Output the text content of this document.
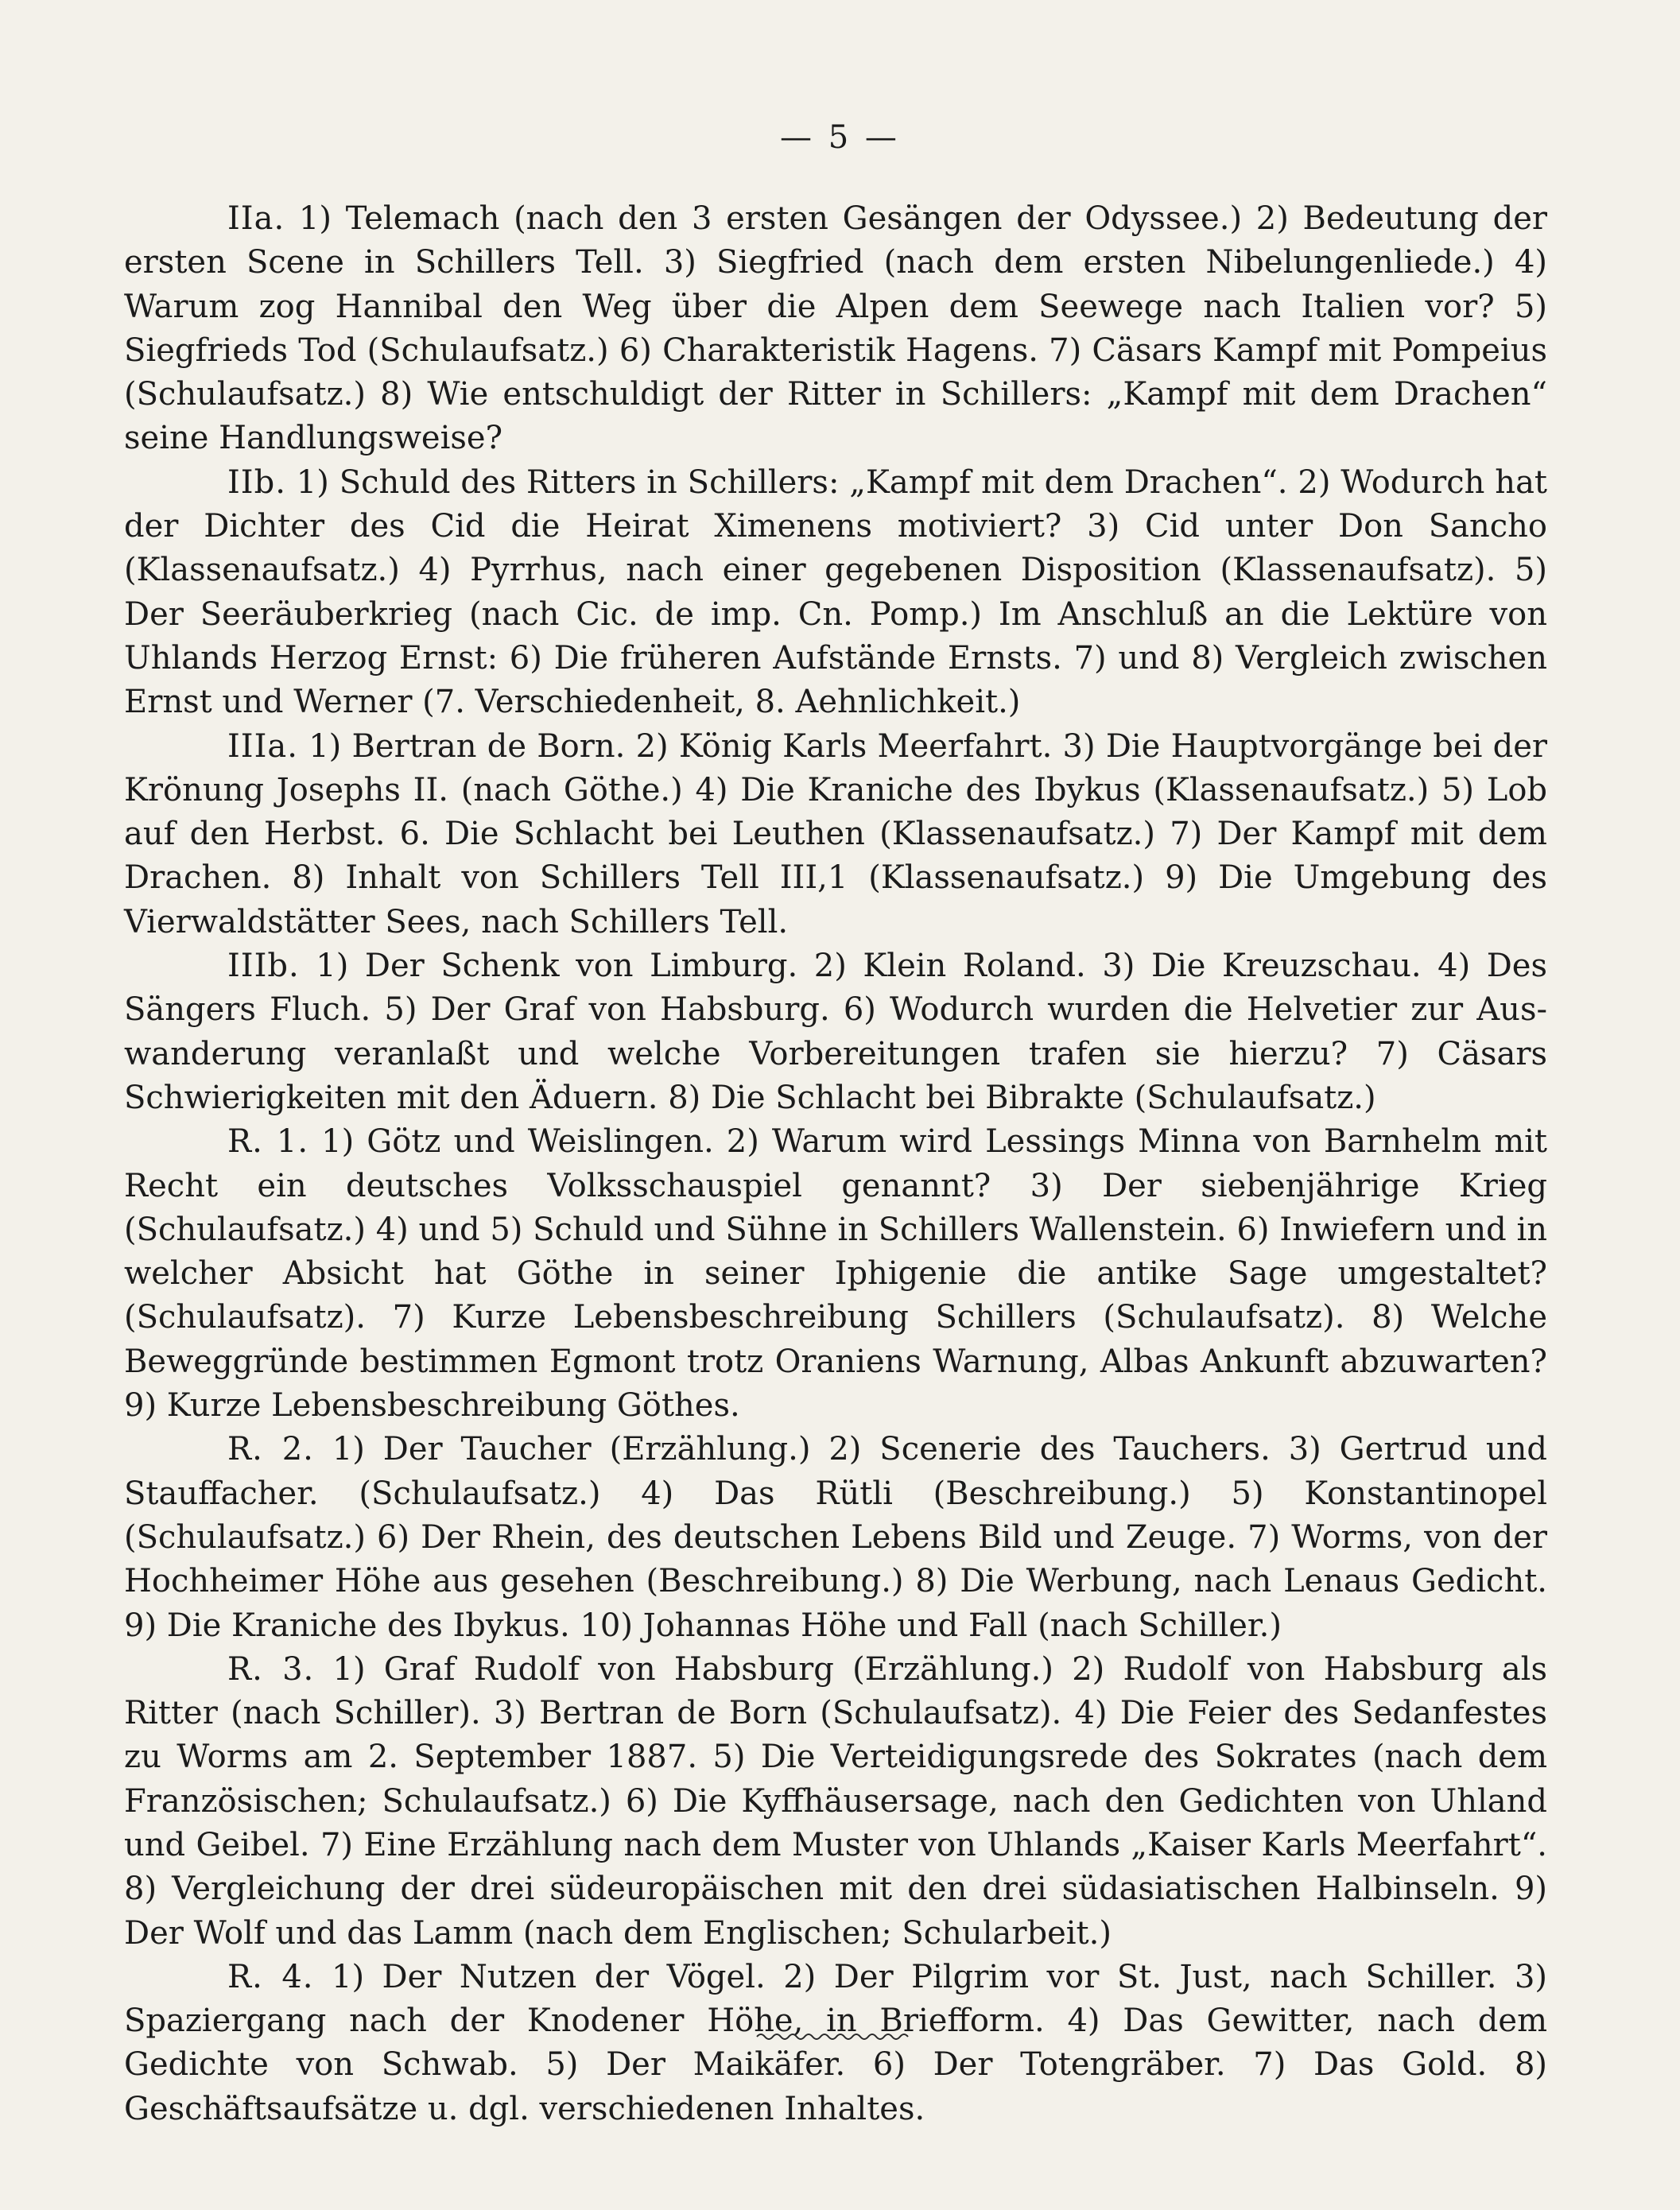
— 5 —

IIa. 1) Telemach (nach den 3 ersten Gesängen der Odyssee.) 2) Bedeutung der ersten Scene in Schillers Tell. 3) Siegfried (nach dem ersten Nibelungenliede.) 4) Warum zog Hannibal den Weg über die Alpen dem Seewege nach Italien vor? 5) Siegfrieds Tod (Schulaufsatz.) 6) Charakteristik Hagens. 7) Cäsars Kampf mit Pompeius (Schulaufsatz.) 8) Wie entschuldigt der Ritter in Schillers: „Kampf mit dem Drachen“ seine Handlungsweise?

IIb. 1) Schuld des Ritters in Schillers: „Kampf mit dem Drachen“. 2) Wodurch hat der Dichter des Cid die Heirat Ximenens motiviert? 3) Cid unter Don Sancho (Klassenaufsatz.) 4) Pyrrhus, nach einer gegebenen Disposition (Klassenaufsatz). 5) Der Seeräuberkrieg (nach Cic. de imp. Cn. Pomp.) Im Anschluß an die Lektüre von Uhlands Herzog Ernst: 6) Die früheren Aufstände Ernsts. 7) und 8) Vergleich zwischen Ernst und Werner (7. Verschiedenheit, 8. Aehnlichkeit.)

IIIa. 1) Bertran de Born. 2) König Karls Meerfahrt. 3) Die Hauptvorgänge bei der Krönung Josephs II. (nach Göthe.) 4) Die Kraniche des Ibykus (Klassenaufsatz.) 5) Lob auf den Herbst. 6. Die Schlacht bei Leuthen (Klassenaufsatz.) 7) Der Kampf mit dem Drachen. 8) Inhalt von Schillers Tell III,1 (Klassenaufsatz.) 9) Die Umgebung des Vierwaldstätter Sees, nach Schillers Tell.

IIIb. 1) Der Schenk von Limburg. 2) Klein Roland. 3) Die Kreuzschau. 4) Des Sängers Fluch. 5) Der Graf von Habsburg. 6) Wodurch wurden die Helvetier zur Auswanderung veranlaßt und welche Vorbereitungen trafen sie hierzu? 7) Cäsars Schwierigkeiten mit den Äduern. 8) Die Schlacht bei Bibrakte (Schulaufsatz.)

R. 1. 1) Götz und Weislingen. 2) Warum wird Lessings Minna von Barnhelm mit Recht ein deutsches Volksschauspiel genannt? 3) Der siebenjährige Krieg (Schulaufsatz.) 4) und 5) Schuld und Sühne in Schillers Wallenstein. 6) Inwiefern und in welcher Absicht hat Göthe in seiner Iphigenie die antike Sage umgestaltet? (Schulaufsatz). 7) Kurze Lebensbeschreibung Schillers (Schulaufsatz). 8) Welche Beweggründe bestimmen Egmont trotz Oraniens Warnung, Albas Ankunft abzuwarten? 9) Kurze Lebensbeschreibung Göthes.

R. 2. 1) Der Taucher (Erzählung.) 2) Scenerie des Tauchers. 3) Gertrud und Stauffacher. (Schulaufsatz.) 4) Das Rütli (Beschreibung.) 5) Konstantinopel (Schulaufsatz.) 6) Der Rhein, des deutschen Lebens Bild und Zeuge. 7) Worms, von der Hochheimer Höhe aus gesehen (Beschreibung.) 8) Die Werbung, nach Lenaus Gedicht. 9) Die Kraniche des Ibykus. 10) Johannas Höhe und Fall (nach Schiller.)

R. 3. 1) Graf Rudolf von Habsburg (Erzählung.) 2) Rudolf von Habsburg als Ritter (nach Schiller). 3) Bertran de Born (Schulaufsatz). 4) Die Feier des Sedanfestes zu Worms am 2. September 1887. 5) Die Verteidigungsrede des Sokrates (nach dem Französischen; Schulaufsatz.) 6) Die Kyffhäusersage, nach den Gedichten von Uhland und Geibel. 7) Eine Erzählung nach dem Muster von Uhlands „Kaiser Karls Meerfahrt“. 8) Vergleichung der drei südeuropäischen mit den drei südasiatischen Halbinseln. 9) Der Wolf und das Lamm (nach dem Englischen; Schularbeit.)

R. 4. 1) Der Nutzen der Vögel. 2) Der Pilgrim vor St. Just, nach Schiller. 3) Spaziergang nach der Knodener Höhe, in Briefform. 4) Das Gewitter, nach dem Gedichte von Schwab. 5) Der Maikäfer. 6) Der Totengräber. 7) Das Gold. 8) Geschäftsaufsätze u. dgl. verschiedenen Inhaltes.
